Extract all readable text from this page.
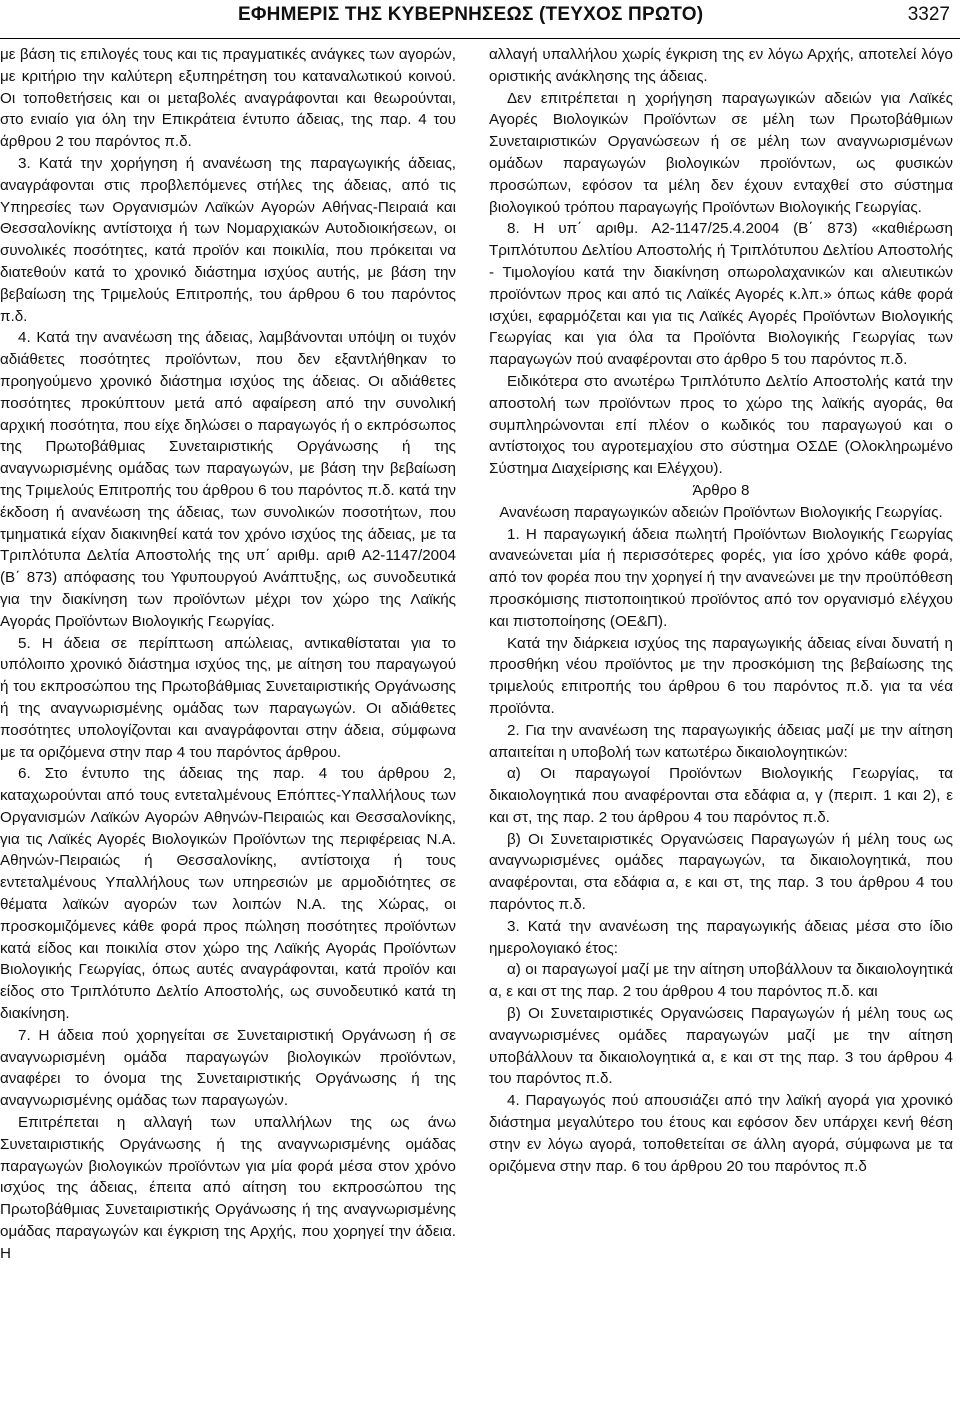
ΕΦΗΜΕΡΙΣ ΤΗΣ ΚΥΒΕΡΝΗΣΕΩΣ (ΤΕΥΧΟΣ ΠΡΩΤΟ)	3327

με βάση τις επιλογές τους και τις πραγματικές ανάγκες των αγορών, με κριτήριο την καλύτερη εξυπηρέτηση του καταναλωτικού κοινού. Οι τοποθετήσεις και οι μεταβολές αναγράφονται και θεωρούνται, στο ενιαίο για όλη την Επικράτεια έντυπο άδειας, της παρ. 4 του άρθρου 2 του παρόντος π.δ.

3. Κατά την χορήγηση ή ανανέωση της παραγωγικής άδειας, αναγράφονται στις προβλεπόμενες στήλες της άδειας, από τις Υπηρεσίες των Οργανισμών Λαϊκών Αγορών Αθήνας-Πειραιά και Θεσσαλονίκης αντίστοιχα ή των Νομαρχιακών Αυτοδιοικήσεων, οι συνολικές ποσότητες, κατά προϊόν και ποικιλία, που πρόκειται να διατεθούν κατά το χρονικό διάστημα ισχύος αυτής, με βάση την βεβαίωση της Τριμελούς Επιτροπής, του άρθρου 6 του παρόντος π.δ.

4. Κατά την ανανέωση της άδειας, λαμβάνονται υπόψη οι τυχόν αδιάθετες ποσότητες προϊόντων, που δεν εξαντλήθηκαν το προηγούμενο χρονικό διάστημα ισχύος της άδειας. Οι αδιάθετες ποσότητες προκύπτουν μετά από αφαίρεση από την συνολική αρχική ποσότητα, που είχε δηλώσει ο παραγωγός ή ο εκπρόσωπος της Πρωτοβάθμιας Συνεταιριστικής Οργάνωσης ή της αναγνωρισμένης ομάδας των παραγωγών, με βάση την βεβαίωση της Τριμελούς Επιτροπής του άρθρου 6 του παρόντος π.δ. κατά την έκδοση ή ανανέωση της άδειας, των συνολικών ποσοτήτων, που τμηματικά είχαν διακινηθεί κατά τον χρόνο ισχύος της άδειας, με τα Τριπλότυπα Δελτία Αποστολής της υπ΄ αριθμ. αριθ Α2-1147/2004 (Β΄ 873) απόφασης του Υφυπουργού Ανάπτυξης, ως συνοδευτικά για την διακίνηση των προϊόντων μέχρι τον χώρο της Λαϊκής Αγοράς Προϊόντων Βιολογικής Γεωργίας.

5. Η άδεια σε περίπτωση απώλειας, αντικαθίσταται για το υπόλοιπο χρονικό διάστημα ισχύος της, με αίτηση του παραγωγού ή του εκπροσώπου της Πρωτοβάθμιας Συνεταιριστικής Οργάνωσης ή της αναγνωρισμένης ομάδας των παραγωγών. Οι αδιάθετες ποσότητες υπολογίζονται και αναγράφονται στην άδεια, σύμφωνα με τα οριζόμενα στην παρ 4 του παρόντος άρθρου.

6. Στο έντυπο της άδειας της παρ. 4 του άρθρου 2, καταχωρούνται από τους εντεταλμένους Επόπτες-Υπαλλήλους των Οργανισμών Λαϊκών Αγορών Αθηνών-Πειραιώς και Θεσσαλονίκης, για τις Λαϊκές Αγορές Βιολογικών Προϊόντων της περιφέρειας Ν.Α. Αθηνών-Πειραιώς ή Θεσσαλονίκης, αντίστοιχα ή τους εντεταλμένους Υπαλλήλους των υπηρεσιών με αρμοδιότητες σε θέματα λαϊκών αγορών των λοιπών Ν.Α. της Χώρας, οι προσκομιζόμενες κάθε φορά προς πώληση ποσότητες προϊόντων κατά είδος και ποικιλία στον χώρο της Λαϊκής Αγοράς Προϊόντων Βιολογικής Γεωργίας, όπως αυτές αναγράφονται, κατά προϊόν και είδος στο Τριπλότυπο Δελτίο Αποστολής, ως συνοδευτικό κατά τη διακίνηση.

7. Η άδεια πού χορηγείται σε Συνεταιριστική Οργάνωση ή σε αναγνωρισμένη ομάδα παραγωγών βιολογικών προϊόντων, αναφέρει το όνομα της Συνεταιριστικής Οργάνωσης ή της αναγνωρισμένης ομάδας των παραγωγών.

Επιτρέπεται η αλλαγή των υπαλλήλων της ως άνω Συνεταιριστικής Οργάνωσης ή της αναγνωρισμένης ομάδας παραγωγών βιολογικών προϊόντων για μία φορά μέσα στον χρόνο ισχύος της άδειας, έπειτα από αίτηση του εκπροσώπου της Πρωτοβάθμιας Συνεταιριστικής Οργάνωσης ή της αναγνωρισμένης ομάδας παραγωγών και έγκριση της Αρχής, που χορηγεί την άδεια. Η

αλλαγή υπαλλήλου χωρίς έγκριση της εν λόγω Αρχής, αποτελεί λόγο οριστικής ανάκλησης της άδειας.

Δεν επιτρέπεται η χορήγηση παραγωγικών αδειών για Λαϊκές Αγορές Βιολογικών Προϊόντων σε μέλη των Πρωτοβάθμιων Συνεταιριστικών Οργανώσεων ή σε μέλη των αναγνωρισμένων ομάδων παραγωγών βιολογικών προϊόντων, ως φυσικών προσώπων, εφόσον τα μέλη δεν έχουν ενταχθεί στο σύστημα βιολογικού τρόπου παραγωγής Προϊόντων Βιολογικής Γεωργίας.

8. Η υπ΄ αριθμ. Α2-1147/25.4.2004 (Β΄ 873) «καθιέρωση Τριπλότυπου Δελτίου Αποστολής ή Τριπλότυπου Δελτίου Αποστολής - Τιμολογίου κατά την διακίνηση οπωρολαχανικών και αλιευτικών προϊόντων προς και από τις Λαϊκές Αγορές κ.λπ.» όπως κάθε φορά ισχύει, εφαρμόζεται και για τις Λαϊκές Αγορές Προϊόντων Βιολογικής Γεωργίας και για όλα τα Προϊόντα Βιολογικής Γεωργίας των παραγωγών πού αναφέρονται στο άρθρο 5 του παρόντος π.δ.

Ειδικότερα στο ανωτέρω Τριπλότυπο Δελτίο Αποστολής κατά την αποστολή των προϊόντων προς το χώρο της λαϊκής αγοράς, θα συμπληρώνονται επί πλέον ο κωδικός του παραγωγού και ο αντίστοιχος του αγροτεμαχίου στο σύστημα ΟΣΔΕ (Ολοκληρωμένο Σύστημα Διαχείρισης και Ελέγχου).

Άρθρο 8

Ανανέωση παραγωγικών αδειών Προϊόντων Βιολογικής Γεωργίας.

1. Η παραγωγική άδεια πωλητή Προϊόντων Βιολογικής Γεωργίας ανανεώνεται μία ή περισσότερες φορές, για ίσο χρόνο κάθε φορά, από τον φορέα που την χορηγεί ή την ανανεώνει με την προϋπόθεση προσκόμισης πιστοποιητικού προϊόντος από τον οργανισμό ελέγχου και πιστοποίησης (ΟΕ&Π).

Κατά την διάρκεια ισχύος της παραγωγικής άδειας είναι δυνατή η προσθήκη νέου προϊόντος με την προσκόμιση της βεβαίωσης της τριμελούς επιτροπής του άρθρου 6 του παρόντος π.δ. για τα νέα προϊόντα.

2. Για την ανανέωση της παραγωγικής άδειας μαζί με την αίτηση απαιτείται η υποβολή των κατωτέρω δικαιολογητικών:

α) Οι παραγωγοί Προϊόντων Βιολογικής Γεωργίας, τα δικαιολογητικά που αναφέρονται στα εδάφια α, γ (περιπ. 1 και 2), ε και στ, της παρ. 2 του άρθρου 4 του παρόντος π.δ.

β) Οι Συνεταιριστικές Οργανώσεις Παραγωγών ή μέλη τους ως αναγνωρισμένες ομάδες παραγωγών, τα δικαιολογητικά, που αναφέρονται, στα εδάφια α, ε και στ, της παρ. 3 του άρθρου 4 του παρόντος π.δ.

3. Κατά την ανανέωση της παραγωγικής άδειας μέσα στο ίδιο ημερολογιακό έτος:

α) οι παραγωγοί μαζί με την αίτηση υποβάλλουν τα δικαιολογητικά α, ε και στ της παρ. 2 του άρθρου 4 του παρόντος π.δ. και

β) Οι Συνεταιριστικές Οργανώσεις Παραγωγών ή μέλη τους ως αναγνωρισμένες ομάδες παραγωγών μαζί με την αίτηση υποβάλλουν τα δικαιολογητικά α, ε και στ της παρ. 3 του άρθρου 4 του παρόντος π.δ.

4. Παραγωγός πού απουσιάζει από την λαϊκή αγορά για χρονικό διάστημα μεγαλύτερο του έτους και εφόσον δεν υπάρχει κενή θέση στην εν λόγω αγορά, τοποθετείται σε άλλη αγορά, σύμφωνα με τα οριζόμενα στην παρ. 6 του άρθρου 20 του παρόντος π.δ
